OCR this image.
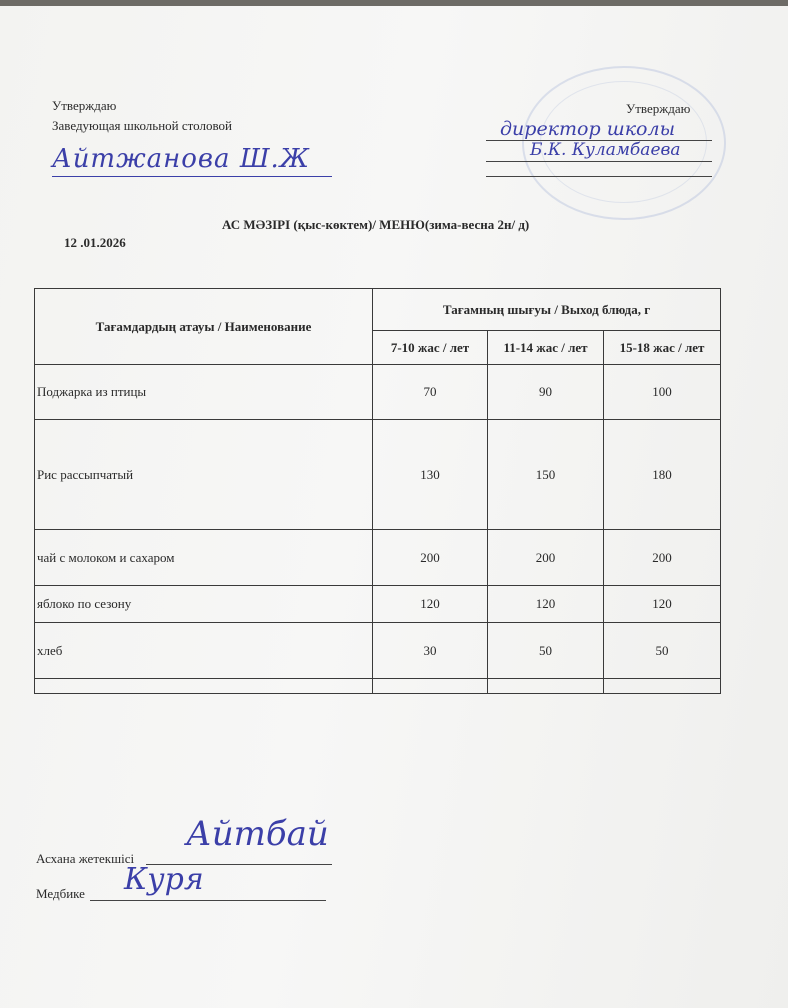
Утверждаю
Заведующая школьной столовой
Айтжанова Ш.Ж
Утверждаю
директор школы
Б.К. Куламбаева
АС МӘЗІРІ (қыс-көктем)/ МЕНЮ(зима-весна 2н/ д)
12 .01.2026
Тағамдардың атауы / Наименование	Тағамның шығуы / Выход блюда, г		
	7-10 жас / лет	11-14 жас / лет	15-18 жас / лет
Поджарка из птицы	70	90	100
Рис рассыпчатый	130	150	180
чай с молоком и сахаром	200	200	200
яблоко по сезону	120	120	120
хлеб	30	50	50

Асхана жетекшісі
Айтбай
Медбике Куря
